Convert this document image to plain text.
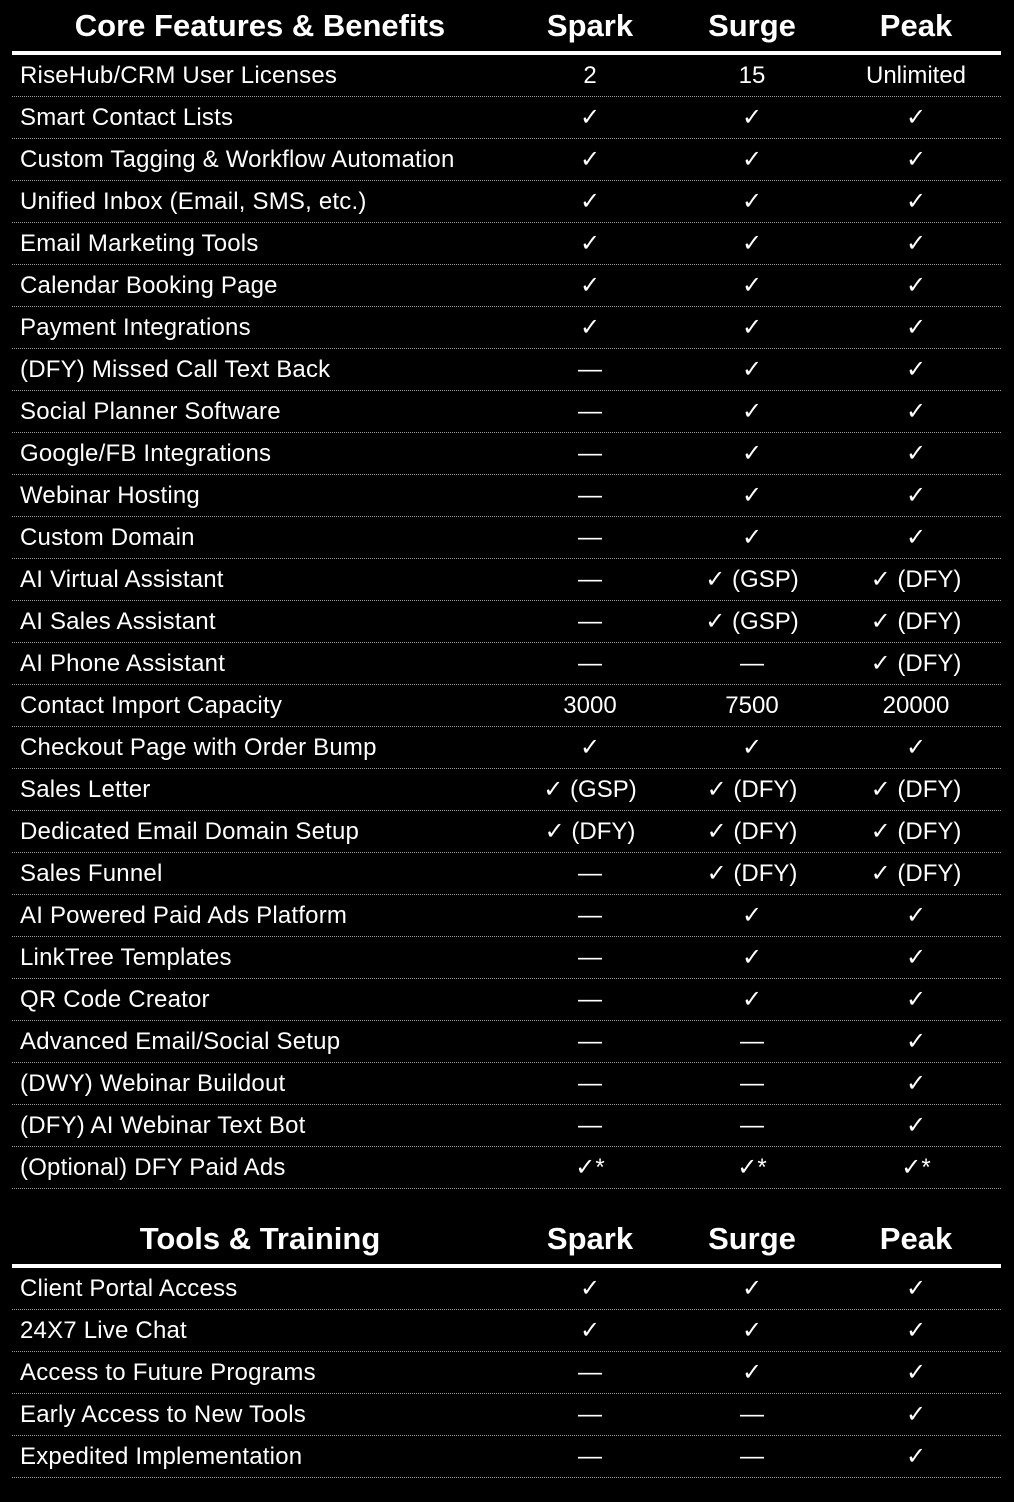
Core Features & Benefits	Spark	Surge	Peak
RiseHub/CRM User Licenses	2	15	Unlimited
Smart Contact Lists	✓	✓	✓
Custom Tagging & Workflow Automation	✓	✓	✓
Unified Inbox (Email, SMS, etc.)	✓	✓	✓
Email Marketing Tools	✓	✓	✓
Calendar Booking Page	✓	✓	✓
Payment Integrations	✓	✓	✓
(DFY) Missed Call Text Back	—	✓	✓
Social Planner Software	—	✓	✓
Google/FB Integrations	—	✓	✓
Webinar Hosting	—	✓	✓
Custom Domain	—	✓	✓
AI Virtual Assistant	—	✓ (GSP)	✓ (DFY)
AI Sales Assistant	—	✓ (GSP)	✓ (DFY)
AI Phone Assistant	—	—	✓ (DFY)
Contact Import Capacity	3000	7500	20000
Checkout Page with Order Bump	✓	✓	✓
Sales Letter	✓ (GSP)	✓ (DFY)	✓ (DFY)
Dedicated Email Domain Setup	✓ (DFY)	✓ (DFY)	✓ (DFY)
Sales Funnel	—	✓ (DFY)	✓ (DFY)
AI Powered Paid Ads Platform	—	✓	✓
LinkTree Templates	—	✓	✓
QR Code Creator	—	✓	✓
Advanced Email/Social Setup	—	—	✓
(DWY) Webinar Buildout	—	—	✓
(DFY) AI Webinar Text Bot	—	—	✓
(Optional) DFY Paid Ads	✓*	✓*	✓*
Tools & Training	Spark	Surge	Peak
Client Portal Access	✓	✓	✓
24X7 Live Chat	✓	✓	✓
Access to Future Programs	—	✓	✓
Early Access to New Tools	—	—	✓
Expedited Implementation	—	—	✓
